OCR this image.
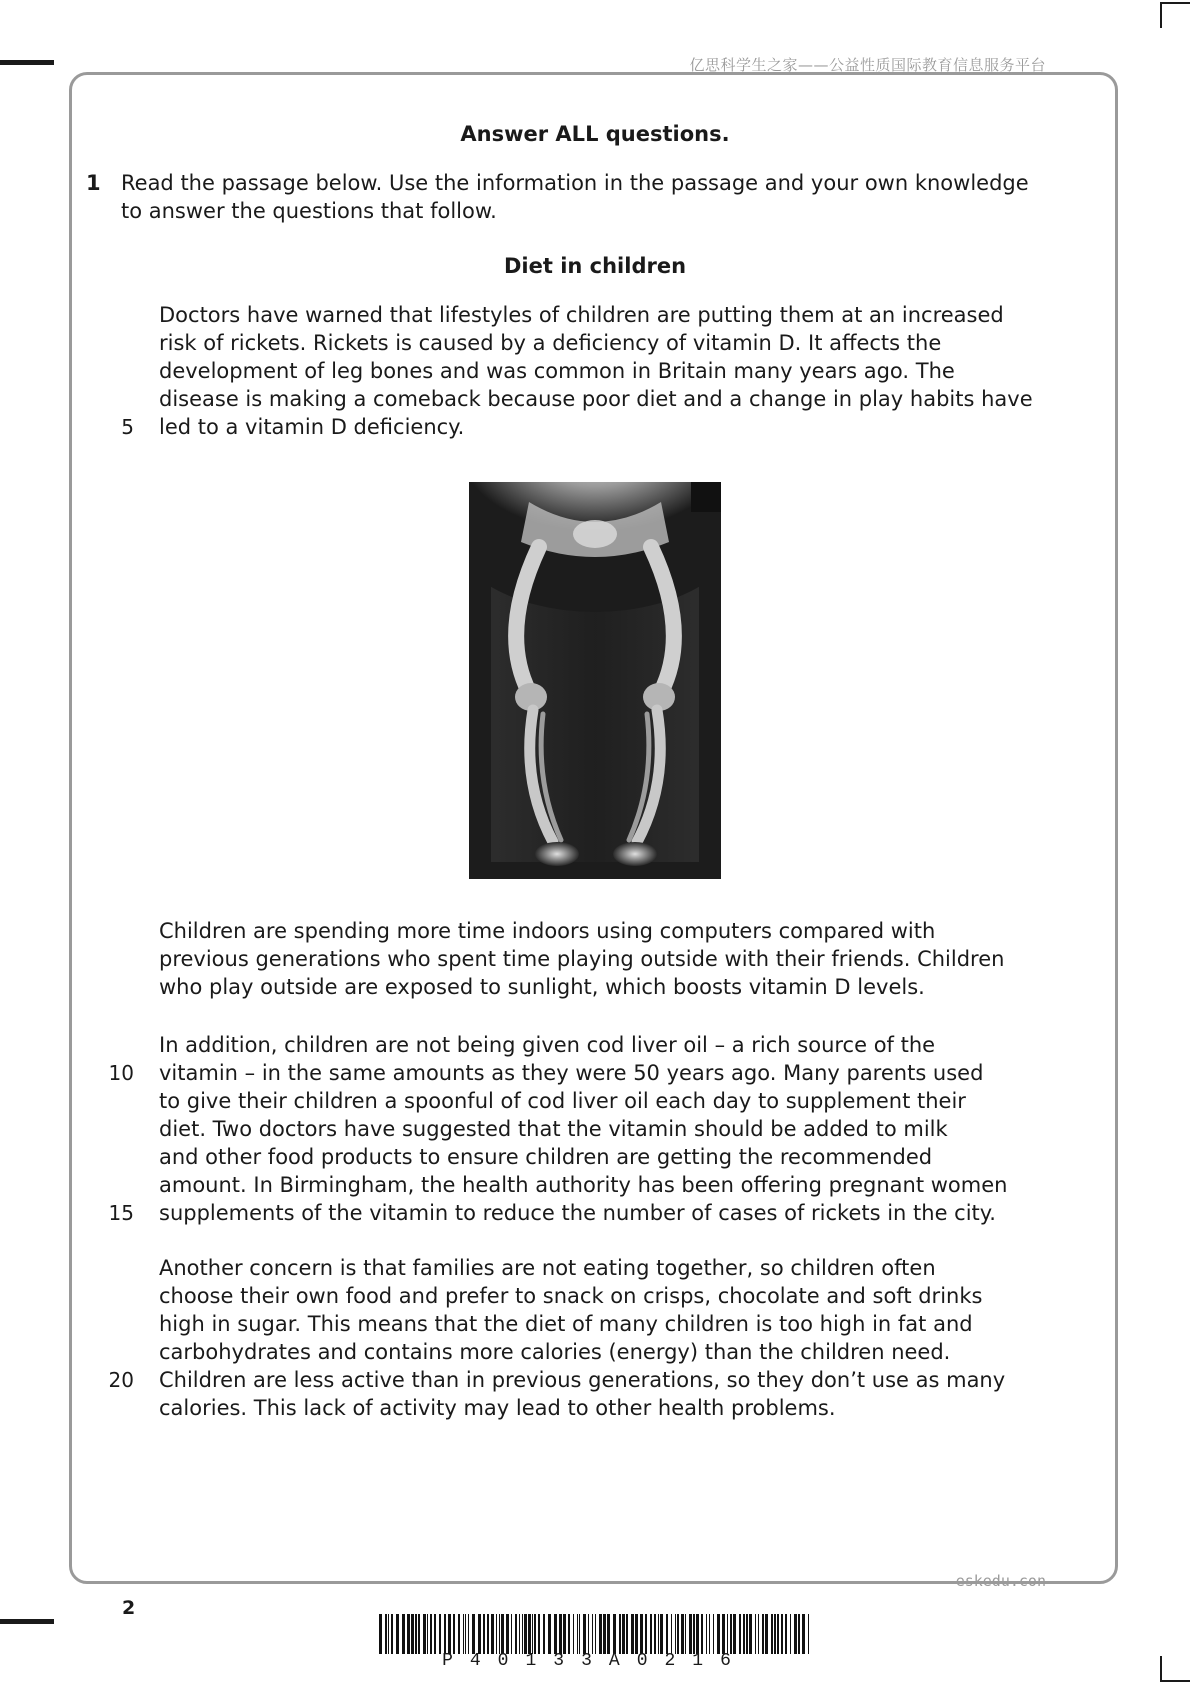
亿思科学生之家——公益性质国际教育信息服务平台
Answer ALL questions.
1 Read the passage below. Use the information in the passage and your own knowledge
to answer the questions that follow.
Diet in children
Doctors have warned that lifestyles of children are putting them at an increased
risk of rickets. Rickets is caused by a deficiency of vitamin D. It affects the
development of leg bones and was common in Britain many years ago. The
disease is making a comeback because poor diet and a change in play habits have
led to a vitamin D deficiency.
5
Children are spending more time indoors using computers compared with
previous generations who spent time playing outside with their friends. Children
who play outside are exposed to sunlight, which boosts vitamin D levels.
In addition, children are not being given cod liver oil – a rich source of the
vitamin – in the same amounts as they were 50 years ago. Many parents used
to give their children a spoonful of cod liver oil each day to supplement their
diet. Two doctors have suggested that the vitamin should be added to milk
and other food products to ensure children are getting the recommended
amount. In Birmingham, the health authority has been offering pregnant women
supplements of the vitamin to reduce the number of cases of rickets in the city.
10
15
Another concern is that families are not eating together, so children often
choose their own food and prefer to snack on crisps, chocolate and soft drinks
high in sugar. This means that the diet of many children is too high in fat and
carbohydrates and contains more calories (energy) than the children need.
Children are less active than in previous generations, so they don’t use as many
calories. This lack of activity may lead to other health problems.
20
eskedu.con
2
P40133A0216
